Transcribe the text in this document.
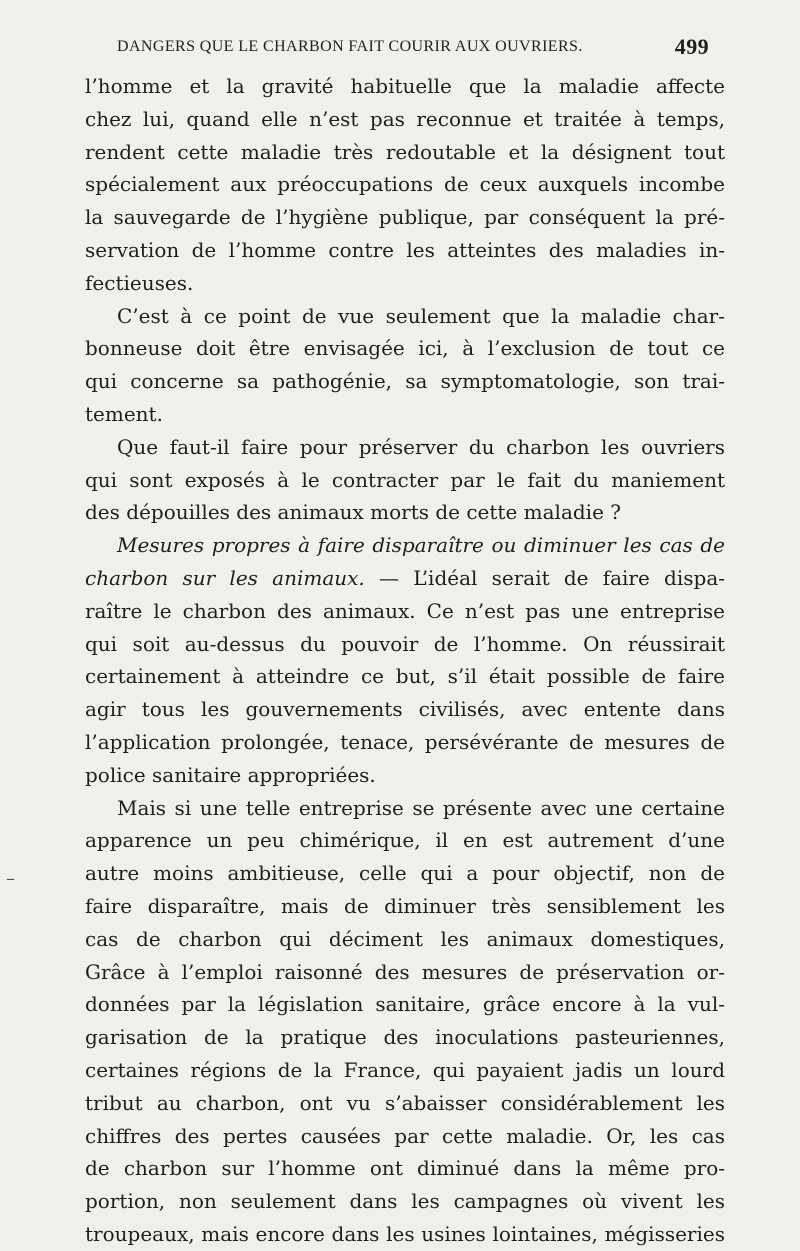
DANGERS QUE LE CHARBON FAIT COURIR AUX OUVRIERS.	499
–
l’homme et la gravité habituelle que la maladie affecte
chez lui, quand elle n’est pas reconnue et traitée à temps,
rendent cette maladie très redoutable et la désignent tout
spécialement aux préoccupations de ceux auxquels incombe
la sauvegarde de l’hygiène publique, par conséquent la pré-
servation de l’homme contre les atteintes des maladies in-
fectieuses.
C’est à ce point de vue seulement que la maladie char-
bonneuse doit être envisagée ici, à l’exclusion de tout ce
qui concerne sa pathogénie, sa symptomatologie, son trai-
tement.
Que faut-il faire pour préserver du charbon les ouvriers
qui sont exposés à le contracter par le fait du maniement
des dépouilles des animaux morts de cette maladie ?
Mesures propres à faire disparaître ou diminuer les cas de
charbon sur les animaux. — L’idéal serait de faire dispa-
raître le charbon des animaux. Ce n’est pas une entreprise
qui soit au-dessus du pouvoir de l’homme. On réussirait
certainement à atteindre ce but, s’il était possible de faire
agir tous les gouvernements civilisés, avec entente dans
l’application prolongée, tenace, persévérante de mesures de
police sanitaire appropriées.
Mais si une telle entreprise se présente avec une certaine
apparence un peu chimérique, il en est autrement d’une
autre moins ambitieuse, celle qui a pour objectif, non de
faire disparaître, mais de diminuer très sensiblement les
cas de charbon qui déciment les animaux domestiques,
Grâce à l’emploi raisonné des mesures de préservation or-
données par la législation sanitaire, grâce encore à la vul-
garisation de la pratique des inoculations pasteuriennes,
certaines régions de la France, qui payaient jadis un lourd
tribut au charbon, ont vu s’abaisser considérablement les
chiffres des pertes causées par cette maladie. Or, les cas
de charbon sur l’homme ont diminué dans la même pro-
portion, non seulement dans les campagnes où vivent les
troupeaux, mais encore dans les usines lointaines, mégisseries
